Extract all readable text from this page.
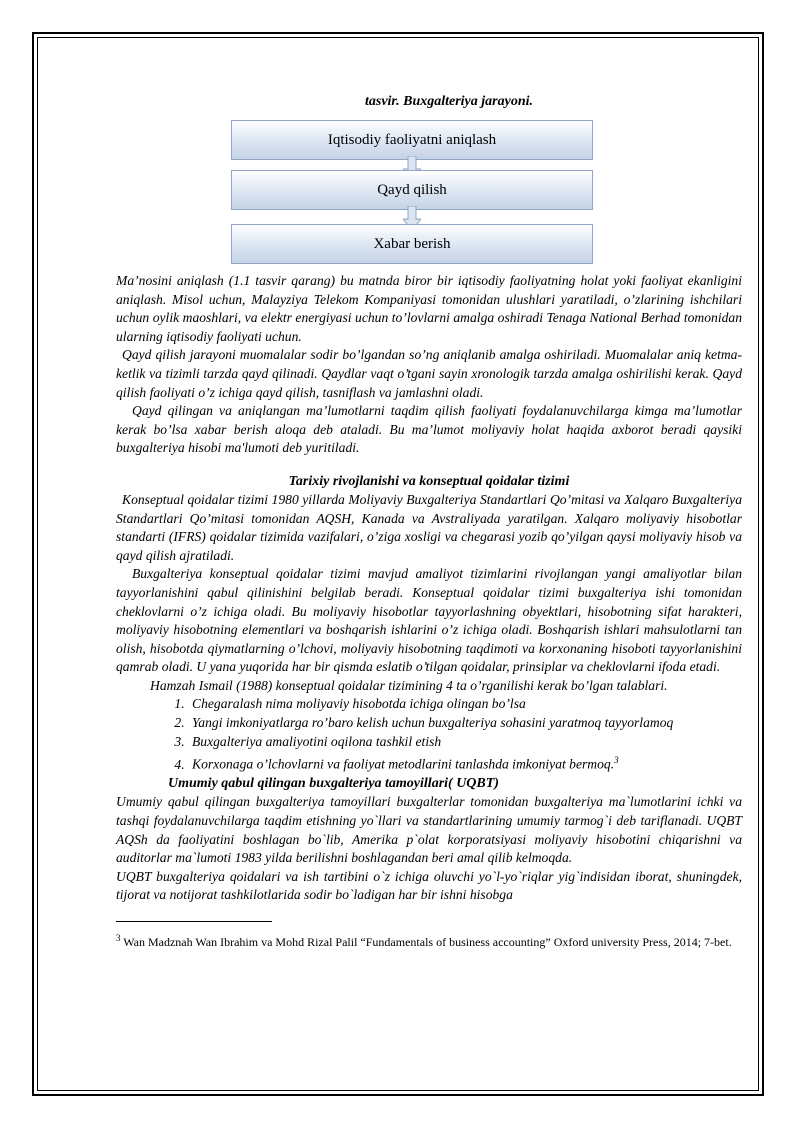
tasvir. Buxgalteriya jarayoni.

Iqtisodiy faoliyatni aniqlash
Qayd qilish
Xabar berish

Ma’nosini aniqlash (1.1 tasvir qarang) bu matnda biror bir iqtisodiy faoliyatning holat yoki faoliyat ekanligini aniqlash. Misol uchun, Malayziya Telekom Kompaniyasi tomonidan ulushlari yaratiladi, o’zlarining ishchilari uchun oylik maoshlari, va elektr energiyasi uchun to’lovlarni amalga oshiradi Tenaga National Berhad tomonidan ularning iqtisodiy faoliyati uchun.

Qayd qilish jarayoni muomalalar sodir bo’lgandan so’ng aniqlanib amalga oshiriladi. Muomalalar aniq ketma-ketlik va tizimli tarzda qayd qilinadi. Qaydlar vaqt o’tgani sayin xronologik tarzda amalga oshirilishi kerak. Qayd qilish faoliyati o’z ichiga qayd qilish, tasniflash va jamlashni oladi.

Qayd qilingan va aniqlangan ma’lumotlarni taqdim qilish faoliyati foydalanuvchilarga kimga ma’lumotlar kerak bo’lsa xabar berish aloqa deb ataladi. Bu ma’lumot moliyaviy holat haqida axborot beradi qaysiki buxgalteriya hisobi ma'lumoti deb yuritiladi.

Tarixiy rivojlanishi va konseptual qoidalar tizimi

Konseptual qoidalar tizimi 1980 yillarda Moliyaviy Buxgalteriya Standartlari Qo’mitasi va Xalqaro Buxgalteriya Standartlari Qo’mitasi tomonidan AQSH, Kanada va Avstraliyada yaratilgan. Xalqaro moliyaviy hisobotlar standarti (IFRS) qoidalar tizimida vazifalari, o’ziga xosligi va chegarasi yozib qo’yilgan qaysi moliyaviy hisob va qayd qilish ajratiladi.

Buxgalteriya konseptual qoidalar tizimi mavjud amaliyot tizimlarini rivojlangan yangi amaliyotlar bilan tayyorlanishini qabul qilinishini belgilab beradi. Konseptual qoidalar tizimi buxgalteriya ishi tomonidan cheklovlarni o’z ichiga oladi. Bu moliyaviy hisobotlar tayyorlashning obyektlari, hisobotning sifat harakteri, moliyaviy hisobotning elementlari va boshqarish ishlarini o’z ichiga oladi. Boshqarish ishlari mahsulotlarni tan olish, hisobotda qiymatlarning o’lchovi, moliyaviy hisobotning taqdimoti va korxonaning hisoboti tayyorlanishini qamrab oladi. U yana yuqorida har bir qismda eslatib o’tilgan qoidalar, prinsiplar va cheklovlarni ifoda etadi.

Hamzah Ismail (1988) konseptual qoidalar tizimining 4 ta o’rganilishi kerak bo’lgan talablari.

1. Chegaralash nima moliyaviy hisobotda ichiga olingan bo’lsa
2. Yangi imkoniyatlarga ro’baro kelish uchun buxgalteriya sohasini yaratmoq tayyorlamoq
3. Buxgalteriya amaliyotini oqilona tashkil etish
4. Korxonaga o’lchovlarni va faoliyat metodlarini tanlashda imkoniyat bermoq.$^3$

Umumiy qabul qilingan buxgalteriya tamoyillari( UQBT)

Umumiy qabul qilingan buxgalteriya tamoyillari buxgalterlar tomonidan buxgalteriya ma`lumotlarini ichki va tashqi foydalanuvchilarga taqdim etishning yo`llari va standartlarining umumiy tarmog`i deb tariflanadi. UQBT AQSh da faoliyatini boshlagan bo`lib, Amerika p`olat korporatsiyasi moliyaviy hisobotini chiqarishni va auditorlar ma`lumoti 1983 yilda berilishni boshlagandan beri amal qilib kelmoqda.

UQBT buxgalteriya qoidalari va ish tartibini o`z ichiga oluvchi yo`l-yo`riqlar yig`indisidan iborat, shuningdek, tijorat va notijorat tashkilotlarida sodir bo`ladigan har bir ishni hisobga

$^3$ Wan Madznah Wan Ibrahim va Mohd Rizal Palil “Fundamentals of business accounting” Oxford university Press, 2014; 7-bet.
